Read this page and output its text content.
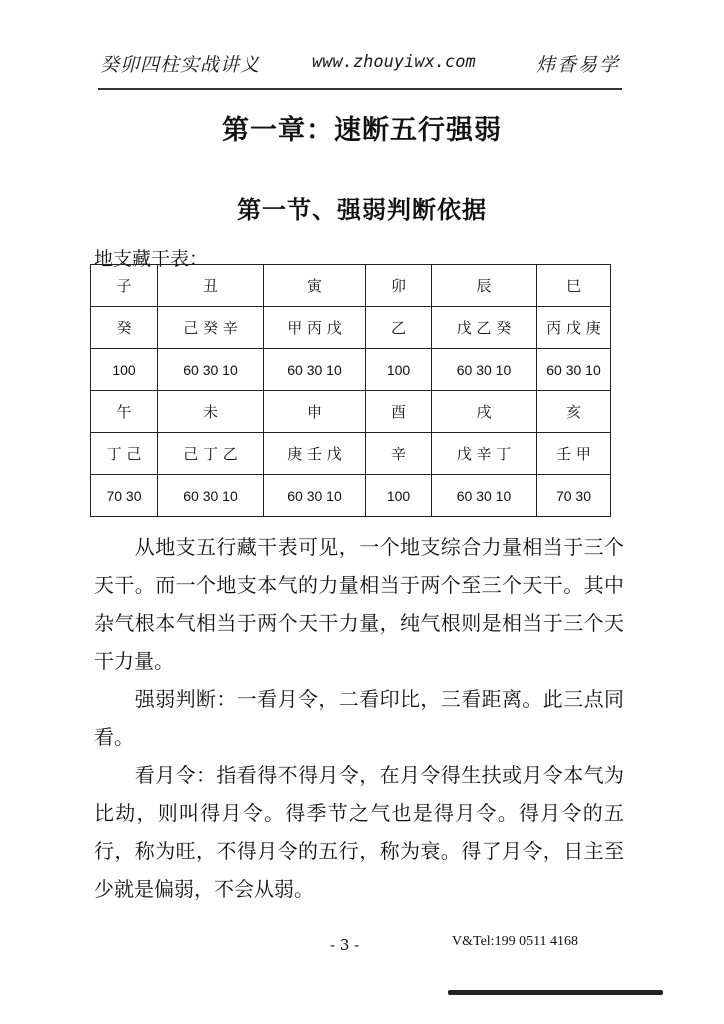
癸卯四柱实战讲义	www.zhouyiwx.com	炜香易学
第一章：速断五行强弱
第一节、强弱判断依据
地支藏干表：
子	丑	寅	卯	辰	巳
癸	己 癸 辛	甲 丙 戊	乙	戊 乙 癸	丙 戊 庚
100	60 30 10	60 30 10	100	60 30 10	60 30 10
午	未	申	酉	戌	亥
丁 己	己 丁 乙	庚 壬 戊	辛	戊 辛 丁	壬 甲
70 30	60 30 10	60 30 10	100	60 30 10	70 30
　　从地支五行藏干表可见，一个地支综合力量相当于三个天干。而一个地支本气的力量相当于两个至三个天干。其中杂气根本气相当于两个天干力量，纯气根则是相当于三个天干力量。
　　强弱判断：一看月令，二看印比，三看距离。此三点同看。
　　看月令：指看得不得月令，在月令得生扶或月令本气为比劫，则叫得月令。得季节之气也是得月令。得月令的五行，称为旺，不得月令的五行，称为衰。得了月令，日主至少就是偏弱，不会从弱。
- 3 -	V&Tel:199 0511 4168
